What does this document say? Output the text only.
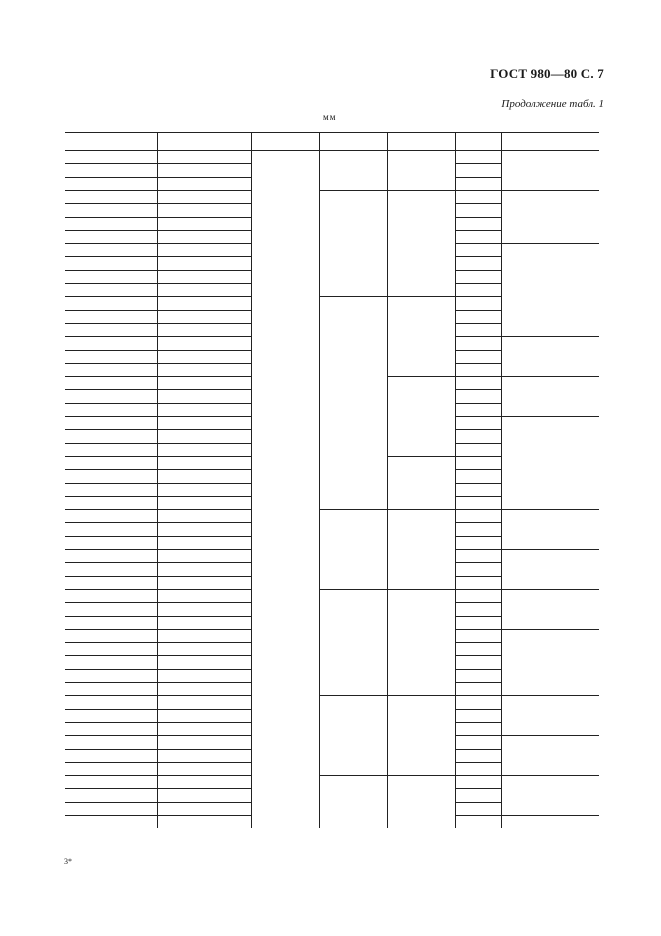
ГОСТ 980—80 С. 7
Продолжение табл. 1
мм
3*
